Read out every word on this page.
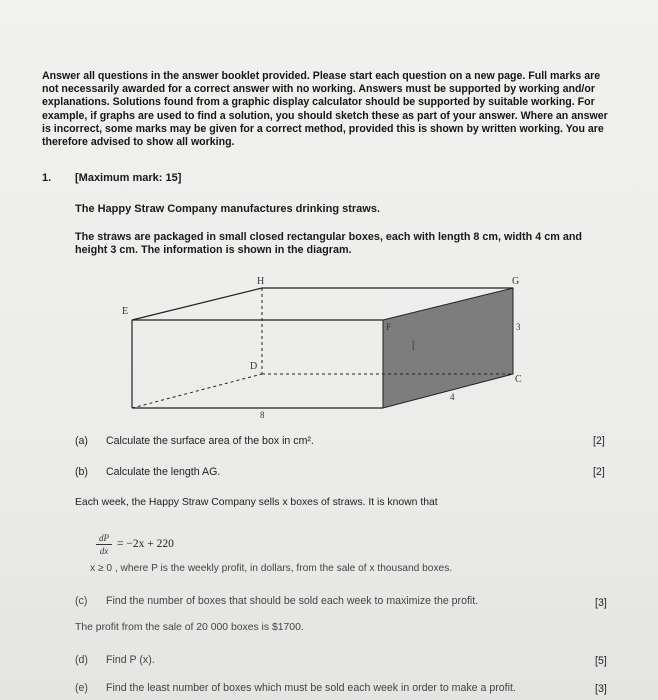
Answer all questions in the answer booklet provided. Please start each question on a new page. Full marks are not necessarily awarded for a correct answer with no working. Answers must be supported by working and/or explanations. Solutions found from a graphic display calculator should be supported by suitable working. For example, if graphs are used to find a solution, you should sketch these as part of your answer. Where an answer is incorrect, some marks may be given for a correct method, provided this is shown by written working. You are therefore advised to show all working.
1. [Maximum mark: 15]
The Happy Straw Company manufactures drinking straws.
The straws are packaged in small closed rectangular boxes, each with length 8 cm, width 4 cm and height 3 cm. The information is shown in the diagram.
H	G
E
F
D
C
3
8
4
I
(a) Calculate the surface area of the box in cm².	[2]
(b) Calculate the length AG.	[2]
Each week, the Happy Straw Company sells x boxes of straws. It is known that
dP
dx
= −2x + 220
x ≥ 0 , where P is the weekly profit, in dollars, from the sale of x thousand boxes.
(c) Find the number of boxes that should be sold each week to maximize the profit.	[3]
The profit from the sale of 20 000 boxes is $1700.
(d) Find P (x).	[5]
(e) Find the least number of boxes which must be sold each week in order to make a profit.	[3]
